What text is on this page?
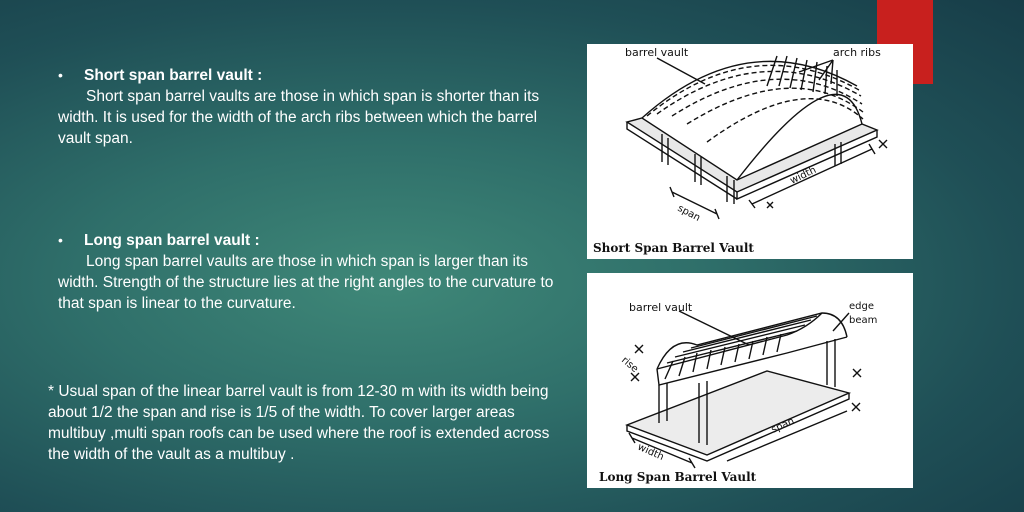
•	Short span barrel vault :
Short span barrel vaults are those in which span is shorter than its width. It is used for the width of the arch ribs between which the barrel vault span.
•	Long span barrel vault :
Long span barrel vaults are those in which span is larger than its width. Strength of the structure lies at the right angles to the curvature to that span is linear to the curvature.
* Usual span of the linear barrel vault is from 12-30 m with its width being about 1/2 the span and rise is 1/5 of the width. To cover larger areas multibuy ,multi span roofs can be used where the roof is extended across the width of the vault as a multibuy .
barrel vault	arch ribs
span
width
Short Span Barrel Vault
barrel vault	edge
beam
rise
width
span
Long Span Barrel Vault
